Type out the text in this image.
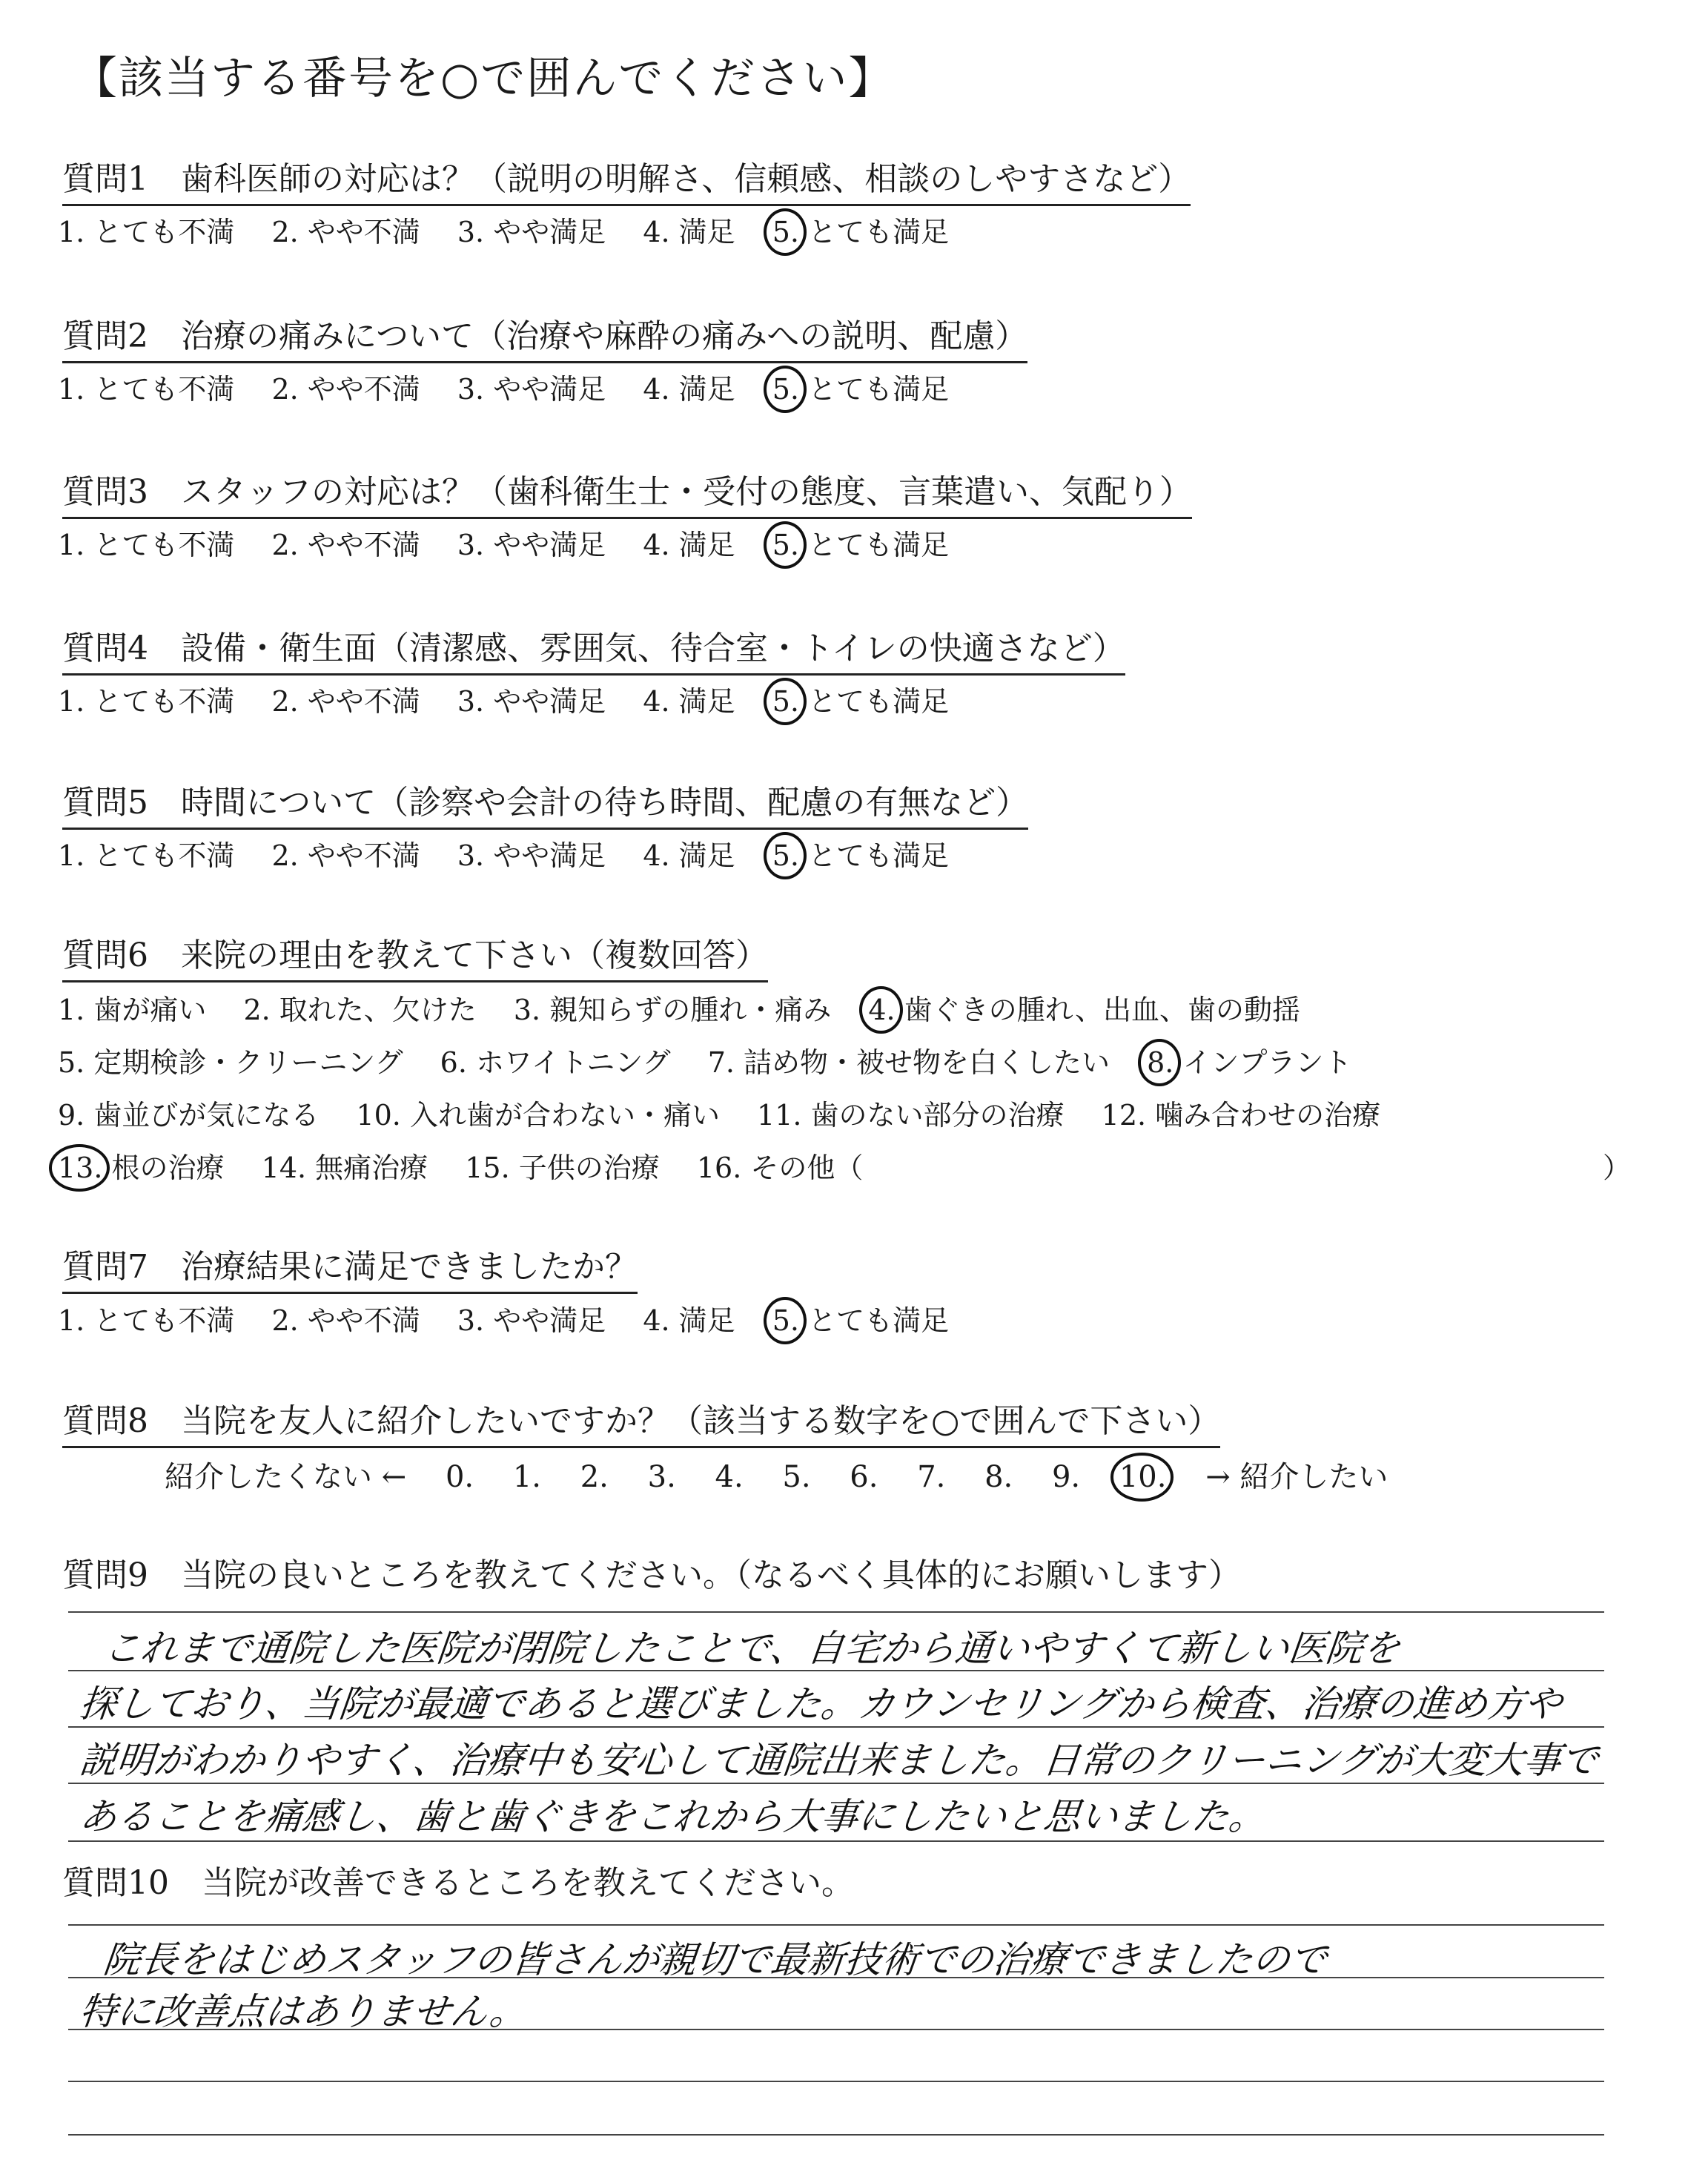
【該当する番号を○で囲んでください】
質問1　 歯科医師の対応は？（説明の明解さ、信頼感、相談のしやすさなど）
1. とても不満　 2. やや不満　 3. やや満足　 4. 満足　 5. とても満足
質問2　 治療の痛みについて（治療や麻酔の痛みへの説明、配慮）
1. とても不満　 2. やや不満　 3. やや満足　 4. 満足　 5. とても満足
質問3　 スタッフの対応は？（歯科衛生士・受付の態度、言葉遣い、気配り）
1. とても不満　 2. やや不満　 3. やや満足　 4. 満足　 5. とても満足
質問4　 設備・衛生面（清潔感、雰囲気、待合室・トイレの快適さなど）
1. とても不満　 2. やや不満　 3. やや満足　 4. 満足　 5. とても満足
質問5　 時間について（診察や会計の待ち時間、配慮の有無など）
1. とても不満　 2. やや不満　 3. やや満足　 4. 満足　 5. とても満足
質問6　 来院の理由を教えて下さい（複数回答）
1. 歯が痛い　 2. 取れた、欠けた　 3. 親知らずの腫れ・痛み　 4. 歯ぐきの腫れ、出血、歯の動揺
5. 定期検診・クリーニング　 6. ホワイトニング　 7. 詰め物・被せ物を白くしたい　 8. インプラント
9. 歯並びが気になる　 10. 入れ歯が合わない・痛い　 11. 歯のない部分の治療　 12. 噛み合わせの治療
13. 根の治療　 14. 無痛治療　 15. 子供の治療　 16. その他（	）
質問7　 治療結果に満足できましたか？
1. とても不満　 2. やや不満　 3. やや満足　 4. 満足　 5. とても満足
質問8　 当院を友人に紹介したいですか？（該当する数字を○で囲んで下さい）
紹介したくない ←　 0.　 1.　 2.　 3.　 4.　 5.　 6.　 7.　 8.　 9.　 10.　 → 紹介したい
質問9　 当院の良いところを教えてください。（なるべく具体的にお願いします）
これまで通院した医院が閉院したことで、自宅から通いやすくて新しい医院を
探しており、当院が最適であると選びました。カウンセリングから検査、治療の進め方や
説明がわかりやすく、治療中も安心して通院出来ました。日常のクリーニングが大変大事で
あることを痛感し、歯と歯ぐきをこれから大事にしたいと思いました。
質問10　 当院が改善できるところを教えてください。
院長をはじめスタッフの皆さんが親切で最新技術での治療できましたので
特に改善点はありません。
